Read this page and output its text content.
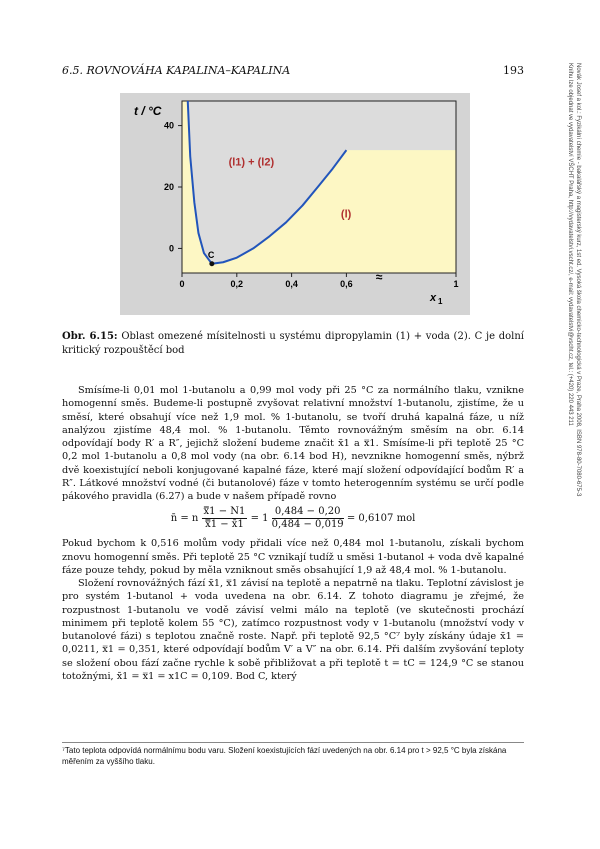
6.5. ROVNOVÁHA KAPALINA–KAPALINA	193	Novák Josef a kol.: Fyzikální chemie - bakalářský a magisterský kurz, 1st ed. Vysoká škola chemicko-technologická v Praze, Praha 2008, ISBN 978-80-7080-675-3
Knihu lze objednat ve vydavatelství VŠCHT Praha, http://vydavatelstvi.vscht.cz/, e-mail: vydavatelstvi@vscht.cz, tel.: (+420) 220 443 211
C
40
20
0
0	0,2	0,4	0,6	1
≈
t / °C
x 1
(l1) + (l2)
(l)
Obr. 6.15: Oblast omezené mísitelnosti u systému dipropylamin (1) + voda (2). C je dolní kritický rozpouštěcí bod

Smísíme-li 0,01 mol 1-butanolu a 0,99 mol vody při 25 °C za normálního tlaku, vznikne homogenní směs. Budeme-li postupně zvyšovat relativní množství 1-butanolu, zjistíme, že u směsí, které obsahují více než 1,9 mol. % 1-butanolu, se tvoří druhá kapalná fáze, u níž analýzou zjistíme 48,4 mol. % 1-butanolu. Těmto rovnovážným směsím na obr. 6.14 odpovídají body R′ a R″, jejichž složení budeme značit x̄1 a x̿1. Smísíme-li při teplotě 25 °C 0,2 mol 1-butanolu a 0,8 mol vody (na obr. 6.14 bod H), nevznikne homogenní směs, nýbrž dvě koexistující neboli konjugované kapalné fáze, které mají složení odpovídající bodům R′ a R″. Látkové množství vodné (či butanolové) fáze v tomto heterogenním systému se určí podle pákového pravidla (6.27) a bude v našem případě rovno

n̄ = n $\frac{x̿1 - N1}{x̿1 - x̄1} = 1 \frac{0,484 - 0,20}{0,484 - 0,019} = 0,6107$ mol

Pokud bychom k 0,516 molům vody přidali více než 0,484 mol 1-butanolu, získali bychom znovu homogenní směs. Při teplotě 25 °C vznikají tudíž u směsi 1-butanol + voda dvě kapalné fáze pouze tehdy, pokud by měla vzniknout směs obsahující 1,9 až 48,4 mol. % 1-butanolu.

Složení rovnovážných fází x̄1, x̿1 závisí na teplotě a nepatrně na tlaku. Teplotní závislost je pro systém 1-butanol + voda uvedena na obr. 6.14. Z tohoto diagramu je zřejmé, že rozpustnost 1-butanolu ve vodě závisí velmi málo na teplotě (ve skutečnosti prochází minimem při teplotě kolem 55 °C), zatímco rozpustnost vody v 1-butanolu (množství vody v butanolové fázi) s teplotou značně roste. Např. při teplotě 92,5 °C⁷ byly získány údaje x̄1 = 0,0211, x̿1 = 0,351, které odpovídají bodům V′ a V″ na obr. 6.14. Při dalším zvyšování teploty se složení obou fází začne rychle k sobě přibližovat a při teplotě t = tC = 124,9 °C se stanou totožnými, x̄1 = x̿1 = x1C = 0,109. Bod C, který

⁷Tato teplota odpovídá normálnímu bodu varu. Složení koexistujících fází uvedených na obr. 6.14 pro t > 92,5 °C byla získána měřením za vyššího tlaku.
